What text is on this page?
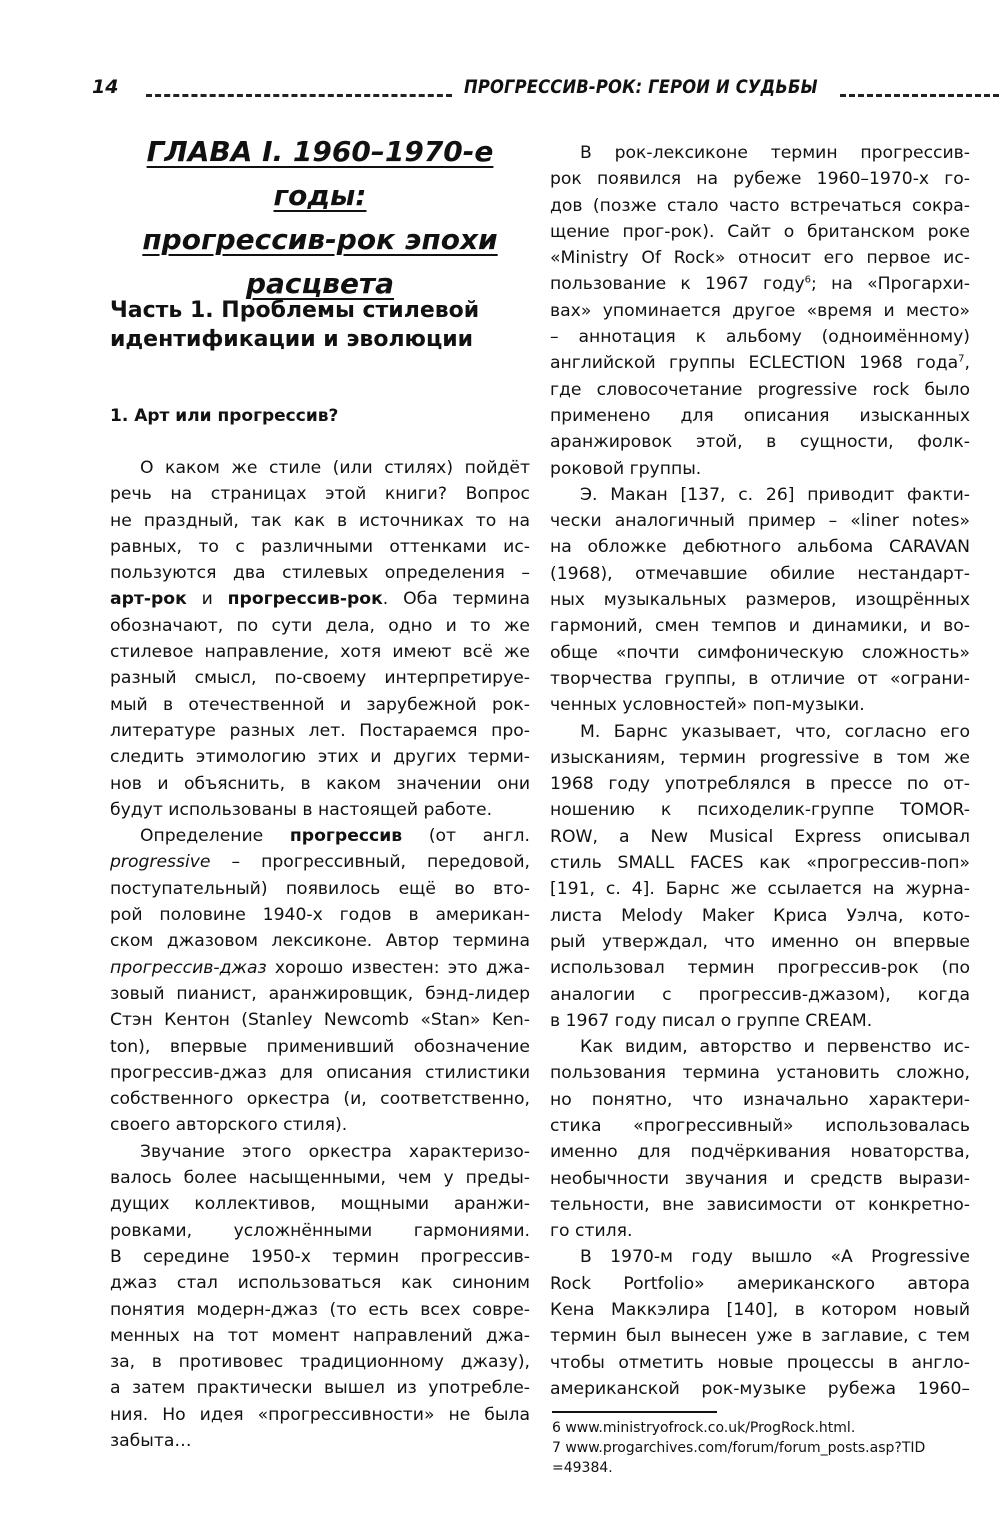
14	ПРОГРЕССИВ-РОК: ГЕРОИ И СУДЬБЫ
ГЛАВА I. 1960–1970-е годы:
прогрессив-рок эпохи
расцвета
Часть 1. Проблемы стилевой
идентификации и эволюции
1. Арт или прогрессив?
О каком же стиле (или стилях) пойдёт
речь на страницах этой книги? Вопрос
не праздный, так как в источниках то на
равных, то с различными оттенками ис-
пользуются два стилевых определения –
арт-рок и прогрессив-рок. Оба термина
обозначают, по сути дела, одно и то же
стилевое направление, хотя имеют всё же
разный смысл, по-своему интерпретируе-
мый в отечественной и зарубежной рок-
литературе разных лет. Постараемся про-
следить этимологию этих и других терми-
нов и объяснить, в каком значении они
будут использованы в настоящей работе.
Определение прогрессив (от англ.
progressive – прогрессивный, передовой,
поступательный) появилось ещё во вто-
рой половине 1940-х годов в американ-
ском джазовом лексиконе. Автор термина
прогрессив-джаз хорошо известен: это джа-
зовый пианист, аранжировщик, бэнд-лидер
Стэн Кентон (Stanley Newcomb «Stan» Ken-
ton), впервые применивший обозначение
прогрессив-джаз для описания стилистики
собственного оркестра (и, соответственно,
своего авторского стиля).
Звучание этого оркестра характеризо-
валось более насыщенными, чем у преды-
дущих коллективов, мощными аранжи-
ровками, усложнёнными гармониями.
В середине 1950-х термин прогрессив-
джаз стал использоваться как синоним
понятия модерн-джаз (то есть всех совре-
менных на тот момент направлений джа-
за, в противовес традиционному джазу),
а затем практически вышел из употребле-
ния. Но идея «прогрессивности» не была
забыта…
В рок-лексиконе термин прогрессив-
рок появился на рубеже 1960–1970-х го-
дов (позже стало часто встречаться сокра-
щение прог-рок). Сайт о британском роке
«Ministry Of Rock» относит его первое ис-
пользование к 1967 году$^6$; на «Прогархи-
вах» упоминается другое «время и место»
– аннотация к альбому (одноимённому)
английской группы ECLECTION 1968 года$^7$,
где словосочетание progressive rock было
применено для описания изысканных
аранжировок этой, в сущности, фолк-
роковой группы.
Э. Макан [137, с. 26] приводит факти-
чески аналогичный пример – «liner notes»
на обложке дебютного альбома CARAVAN
(1968), отмечавшие обилие нестандарт-
ных музыкальных размеров, изощрённых
гармоний, смен темпов и динамики, и во-
обще «почти симфоническую сложность»
творчества группы, в отличие от «ограни-
ченных условностей» поп-музыки.
М. Барнс указывает, что, согласно его
изысканиям, термин progressive в том же
1968 году употреблялся в прессе по от-
ношению к психоделик-группе TOMOR-
ROW, а New Musical Express описывал
стиль SMALL FACES как «прогрессив-поп»
[191, с. 4]. Барнс же ссылается на журна-
листа Melody Maker Криса Уэлча, кото-
рый утверждал, что именно он впервые
использовал термин прогрессив-рок (по
аналогии с прогрессив-джазом), когда
в 1967 году писал о группе CREAM.
Как видим, авторство и первенство ис-
пользования термина установить сложно,
но понятно, что изначально характери-
стика «прогрессивный» использовалась
именно для подчёркивания новаторства,
необычности звучания и средств вырази-
тельности, вне зависимости от конкретно-
го стиля.
В 1970-м году вышло «A Progressive
Rock Portfolio» американского автора
Кена Маккэлира [140], в котором новый
термин был вынесен уже в заглавие, с тем
чтобы отметить новые процессы в англо-
американской рок-музыке рубежа 1960–
6 www.ministryofrock.co.uk/ProgRock.html.
7 www.progarchives.com/forum/forum_posts.asp?TID
=49384.
